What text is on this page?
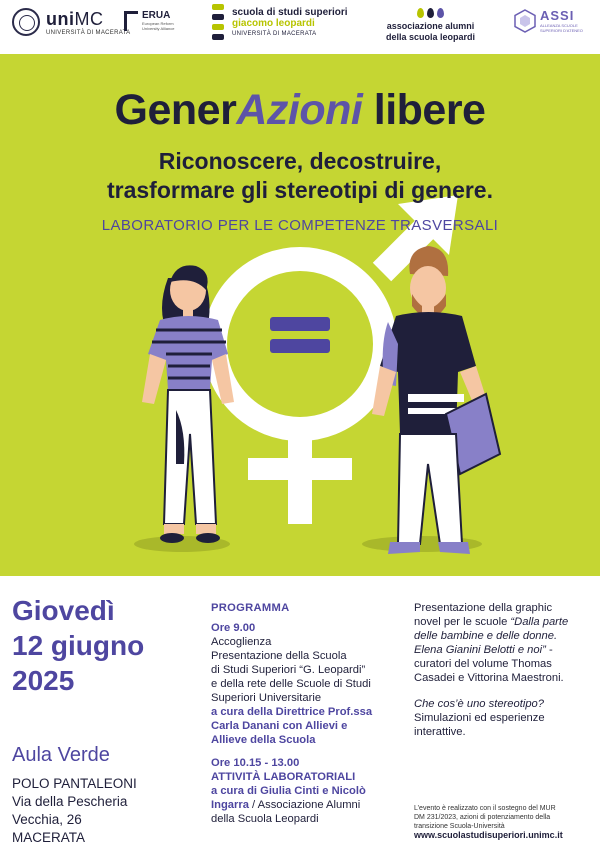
uniMC
UNIVERSITÀ DI MACERATA
ERUA
European Reform University Alliance
scuola di studi superiori
giacomo leopardi
UNIVERSITÀ DI MACERATA
associazione alumni
della scuola leopardi
ASSI
ALLEANZA SCUOLE SUPERIORI D'ATENEO
GenerAzioni libere
Riconoscere, decostruire,
trasformare gli stereotipi di genere.
LABORATORIO PER LE COMPETENZE TRASVERSALI
Giovedì
12 giugno
2025
Aula Verde
POLO PANTALEONI
Via della Pescheria
Vecchia, 26
MACERATA
PROGRAMMA
Ore 9.00
Accoglienza
Presentazione della Scuola
di Studi Superiori “G. Leopardi”
e della rete delle Scuole di Studi
Superiori Universitarie
a cura della Direttrice Prof.ssa
Carla Danani con Allievi e
Allieve della Scuola
Ore 10.15 - 13.00
ATTIVITÀ LABORATORIALI
a cura di Giulia Cinti e Nicolò
Ingarra / Associazione Alumni
della Scuola Leopardi
Presentazione della graphic
novel per le scuole “Dalla parte
delle bambine e delle donne.
Elena Gianini Belotti e noi” -
curatori del volume Thomas
Casadei e Vittorina Maestroni.
Che cos’è uno stereotipo?
Simulazioni ed esperienze
interattive.
L’evento è realizzato con il sostegno del MUR
DM 231/2023, azioni di potenziamento della
transizione Scuola-Università
www.scuolastudisuperiori.unimc.it
